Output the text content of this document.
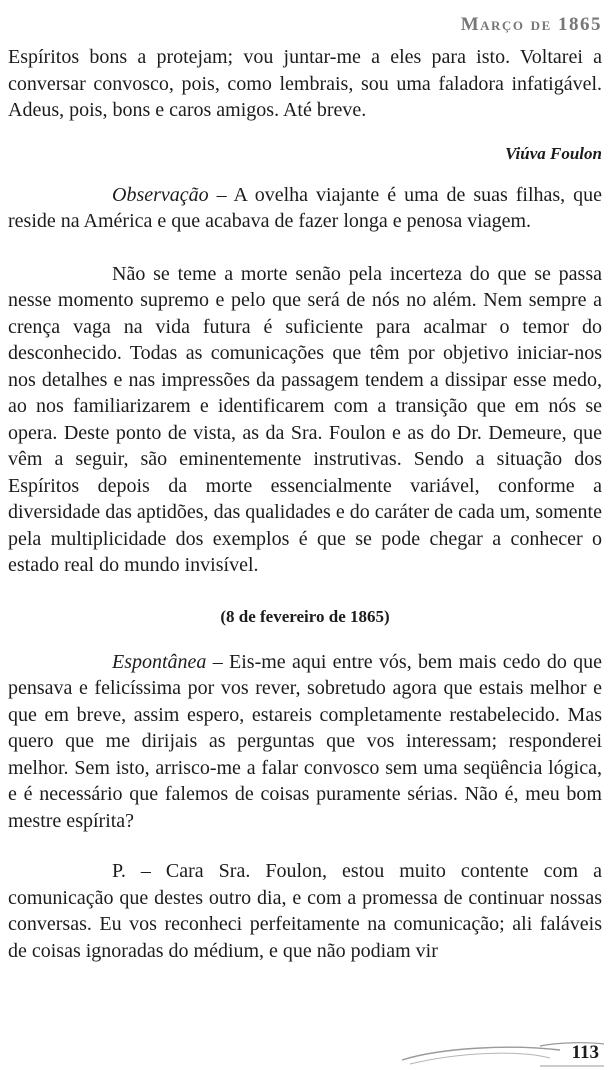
Março de 1865

Espíritos bons a protejam; vou juntar-me a eles para isto. Voltarei a conversar convosco, pois, como lembrais, sou uma faladora infatigável. Adeus, pois, bons e caros amigos. Até breve.

Viúva Foulon

Observação – A ovelha viajante é uma de suas filhas, que reside na América e que acabava de fazer longa e penosa viagem.

Não se teme a morte senão pela incerteza do que se passa nesse momento supremo e pelo que será de nós no além. Nem sempre a crença vaga na vida futura é suficiente para acalmar o temor do desconhecido. Todas as comunicações que têm por objetivo iniciar-nos nos detalhes e nas impressões da passagem tendem a dissipar esse medo, ao nos familiarizarem e identificarem com a transição que em nós se opera. Deste ponto de vista, as da Sra. Foulon e as do Dr. Demeure, que vêm a seguir, são eminentemente instrutivas. Sendo a situação dos Espíritos depois da morte essencialmente variável, conforme a diversidade das aptidões, das qualidades e do caráter de cada um, somente pela multiplicidade dos exemplos é que se pode chegar a conhecer o estado real do mundo invisível.

(8 de fevereiro de 1865)

Espontânea – Eis-me aqui entre vós, bem mais cedo do que pensava e felicíssima por vos rever, sobretudo agora que estais melhor e que em breve, assim espero, estareis completamente restabelecido. Mas quero que me dirijais as perguntas que vos interessam; responderei melhor. Sem isto, arrisco-me a falar convosco sem uma seqüência lógica, e é necessário que falemos de coisas puramente sérias. Não é, meu bom mestre espírita?

P. – Cara Sra. Foulon, estou muito contente com a comunicação que destes outro dia, e com a promessa de continuar nossas conversas. Eu vos reconheci perfeitamente na comunicação; ali faláveis de coisas ignoradas do médium, e que não podiam vir

113
